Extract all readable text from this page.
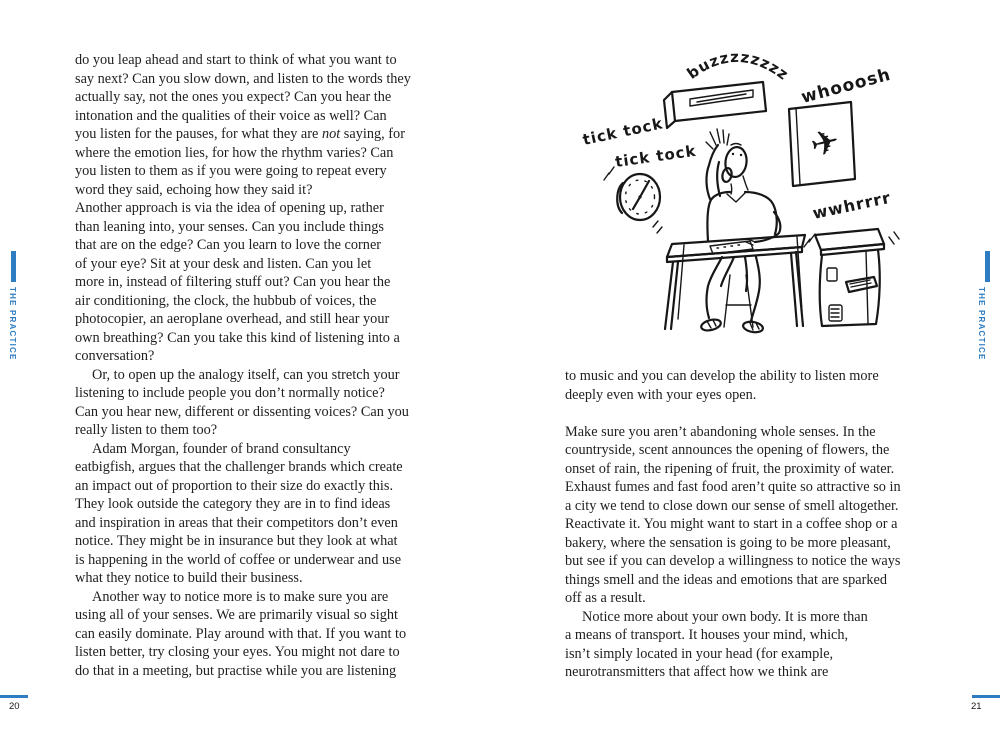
do you leap ahead and start to think of what you want to
say next? Can you slow down, and listen to the words they
actually say, not the ones you expect? Can you hear the
intonation and the qualities of their voice as well? Can
you listen for the pauses, for what they are not saying, for
where the emotion lies, for how the rhythm varies? Can
you listen to them as if you were going to repeat every
word they said, echoing how they said it?
Another approach is via the idea of opening up, rather
than leaning into, your senses. Can you include things
that are on the edge? Can you learn to love the corner
of your eye? Sit at your desk and listen. Can you let
more in, instead of filtering stuff out? Can you hear the
air conditioning, the clock, the hubbub of voices, the
photocopier, an aeroplane overhead, and still hear your
own breathing? Can you take this kind of listening into a
conversation?
Or, to open up the analogy itself, can you stretch your
listening to include people you don’t normally notice?
Can you hear new, different or dissenting voices? Can you
really listen to them too?
Adam Morgan, founder of brand consultancy
eatbigfish, argues that the challenger brands which create
an impact out of proportion to their size do exactly this.
They look outside the category they are in to find ideas
and inspiration in areas that their competitors don’t even
notice. They might be in insurance but they look at what
is happening in the world of coffee or underwear and use
what they notice to build their business.
Another way to notice more is to make sure you are
using all of your senses. We are primarily visual so sight
can easily dominate. Play around with that. If you want to
listen better, try closing your eyes. You might not dare to
do that in a meeting, but practise while you are listening
to music and you can develop the ability to listen more
deeply even with your eyes open.
Make sure you aren’t abandoning whole senses. In the
countryside, scent announces the opening of flowers, the
onset of rain, the ripening of fruit, the proximity of water.
Exhaust fumes and fast food aren’t quite so attractive so in
a city we tend to close down our sense of smell altogether.
Reactivate it. You might want to start in a coffee shop or a
bakery, where the sensation is going to be more pleasant,
but see if you can develop a willingness to notice the ways
things smell and the ideas and emotions that are sparked
off as a result.
Notice more about your own body. It is more than
a means of transport. It houses your mind, which,
isn’t simply located in your head (for example,
neurotransmitters that affect how we think are
THE PRACTICE	THE PRACTICE
20	21
buzzzzzzzz whooosh
✈
tick tock
tick tock
wwhrrrr
